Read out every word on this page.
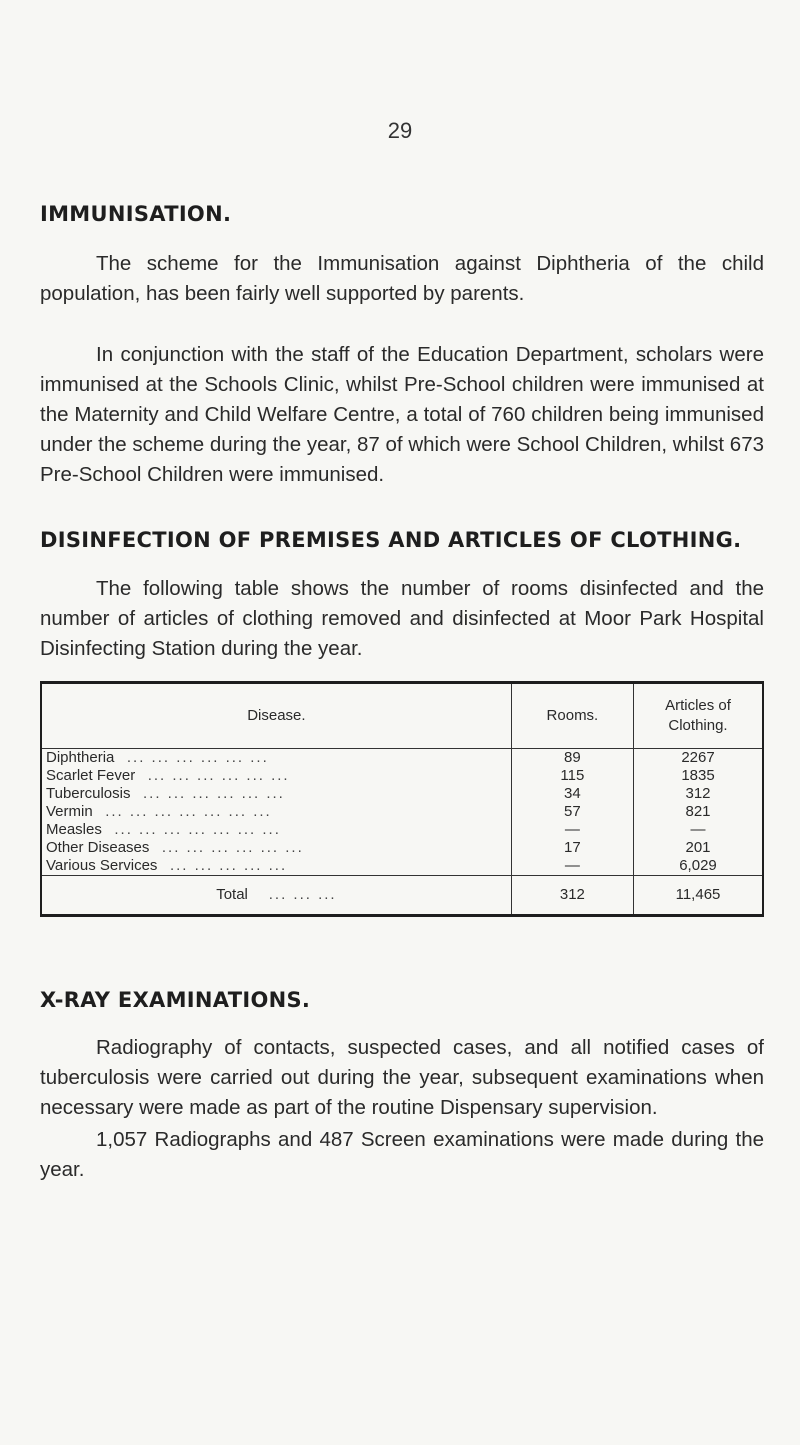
29
IMMUNISATION.
The scheme for the Immunisation against Diphtheria of the child population, has been fairly well supported by parents.
In conjunction with the staff of the Education Department, scholars were immunised at the Schools Clinic, whilst Pre-School children were immunised at the Maternity and Child Welfare Centre, a total of 760 children being immunised under the scheme during the year, 87 of which were School Children, whilst 673 Pre-School Children were immunised.
DISINFECTION OF PREMISES AND ARTICLES OF CLOTHING.
The following table shows the number of rooms disinfected and the number of articles of clothing removed and disinfected at Moor Park Hospital Disinfecting Station during the year.
Disease.	Rooms.	Articles of Clothing.
Diphtheria ... ... ... ... ... ...	89	2267
Scarlet Fever ... ... ... ... ... ...	115	1835
Tuberculosis ... ... ... ... ... ...	34	312
Vermin ... ... ... ... ... ... ...	57	821
Measles ... ... ... ... ... ... ...	—	—
Other Diseases ... ... ... ... ... ...	17	201
Various Services ... ... ... ... ...	—	6,029
Total ... ... ...	312	11,465
X-RAY EXAMINATIONS.
Radiography of contacts, suspected cases, and all notified cases of tuberculosis were carried out during the year, subsequent examinations when necessary were made as part of the routine Dispensary supervision.
1,057 Radiographs and 487 Screen examinations were made during the year.
